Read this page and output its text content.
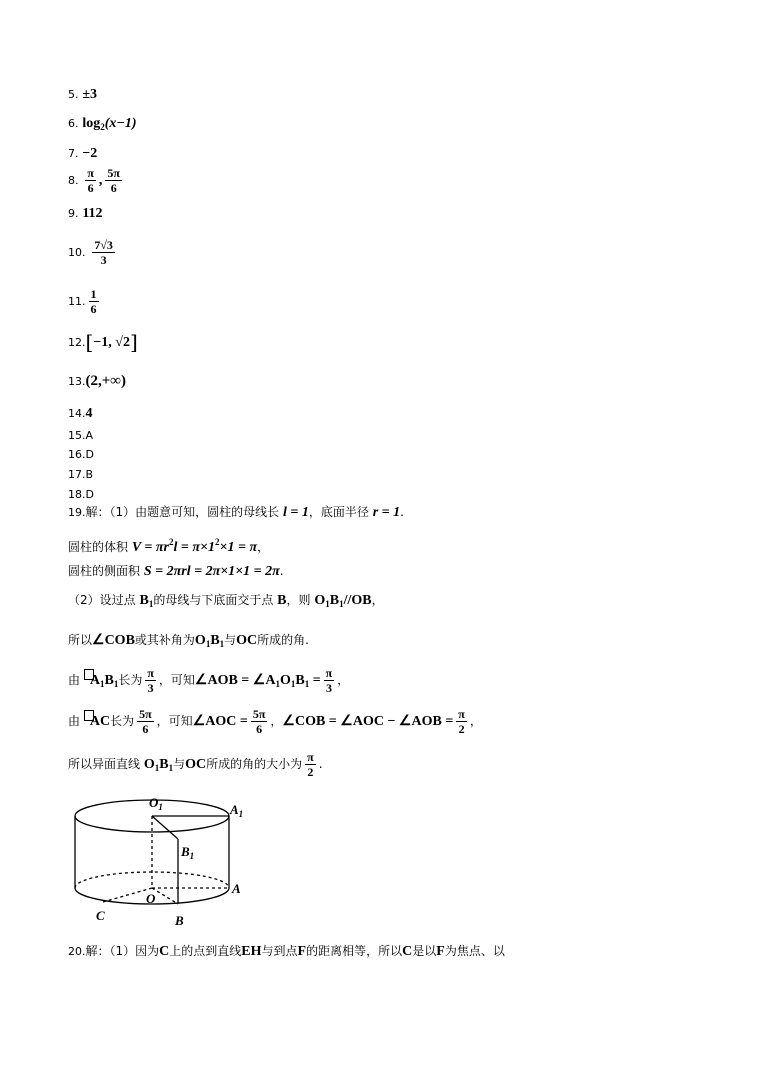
5. ±3
6. $\log_2(x-1)$
7. −2
8. $\frac{\pi}{6}$ , $\frac{5\pi}{6}$
9. 112
10. $\frac{7√3}{3}$
11. $\frac{1}{6}$
12.[−1, √2]
13.(2,+∞)
14.4
15.A
16.D
17.B
18.D
19.解：（1）由题意可知，圆柱的母线长 l = 1，底面半径 r = 1.
圆柱的体积 $V = \pi r^2l = \pi\times 1^2\times 1 = \pi$，
圆柱的侧面积 S = 2πrl = 2π×1×1 = 2π.
（2）设过点 $B_1$的母线与下底面交于点 B，则 $O_1B_1//OB$，
所以∠COB或其补角为$O_1B_1$与OC所成的角.
由 $A_1B_1$长为 $\frac{\pi}{3}$ ，可知∠AOB = $\angle A_1O_1B_1 = \frac{\pi}{3}$ ，
由 AC长为 $\frac{5\pi}{6}$ ，可知∠AOC = $\frac{5\pi}{6}$ ，∠COB = ∠AOC − ∠AOB = $\frac{\pi}{2}$ ，
所以异面直线 $O_1B_1$与OC所成的角的大小为 $\frac{\pi}{2}$ .
$O_1$	$A_1$
$B_1$
O
A
B
C
20.解：（1）因为C上的点到直线EH与到点F的距离相等，所以C是以F为焦点、以
